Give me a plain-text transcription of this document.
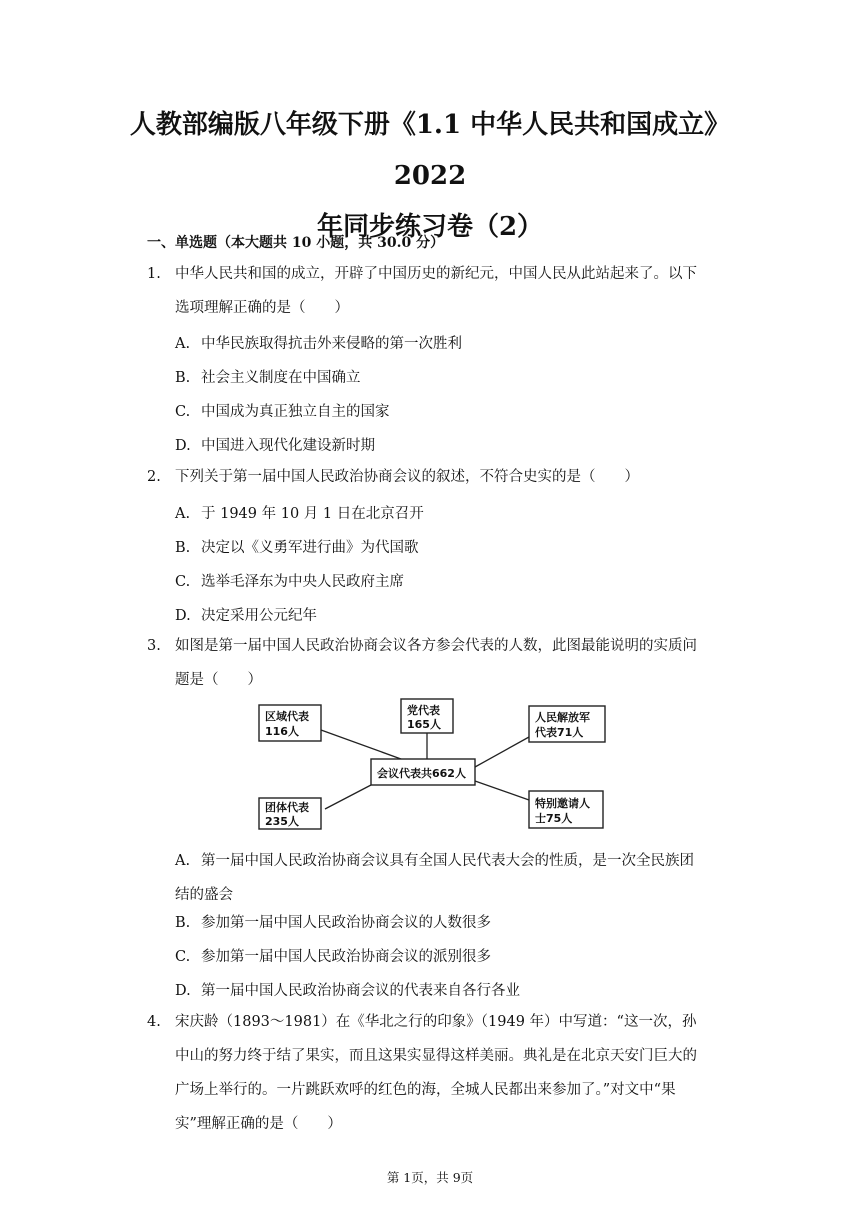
人教部编版八年级下册《1.1 中华人民共和国成立》2022
年同步练习卷（2）
一、单选题（本大题共 10 小题，共 30.0 分）
1. 中华人民共和国的成立，开辟了中国历史的新纪元，中国人民从此站起来了。以下
选项理解正确的是（　　）
A. 中华民族取得抗击外来侵略的第一次胜利
B. 社会主义制度在中国确立
C. 中国成为真正独立自主的国家
D. 中国进入现代化建设新时期
2. 下列关于第一届中国人民政治协商会议的叙述，不符合史实的是（　　）
A. 于 1949 年 10 月 1 日在北京召开
B. 决定以《义勇军进行曲》为代国歌
C. 选举毛泽东为中央人民政府主席
D. 决定采用公元纪年
3. 如图是第一届中国人民政治协商会议各方参会代表的人数，此图最能说明的实质问
题是（　　）
区域代表
116人
党代表
165人
人民解放军
代表71人
会议代表共662人
团体代表
235人
特别邀请人
士75人
A. 第一届中国人民政治协商会议具有全国人民代表大会的性质，是一次全民族团
结的盛会
B. 参加第一届中国人民政治协商会议的人数很多
C. 参加第一届中国人民政治协商会议的派别很多
D. 第一届中国人民政治协商会议的代表来自各行各业
4. 宋庆龄（1893～1981）在《华北之行的印象》（1949 年）中写道：“这一次，孙
中山的努力终于结了果实，而且这果实显得这样美丽。典礼是在北京天安门巨大的
广场上举行的。一片跳跃欢呼的红色的海，全城人民都出来参加了。”对文中“果
实”理解正确的是（　　）
第 1页，共 9页
